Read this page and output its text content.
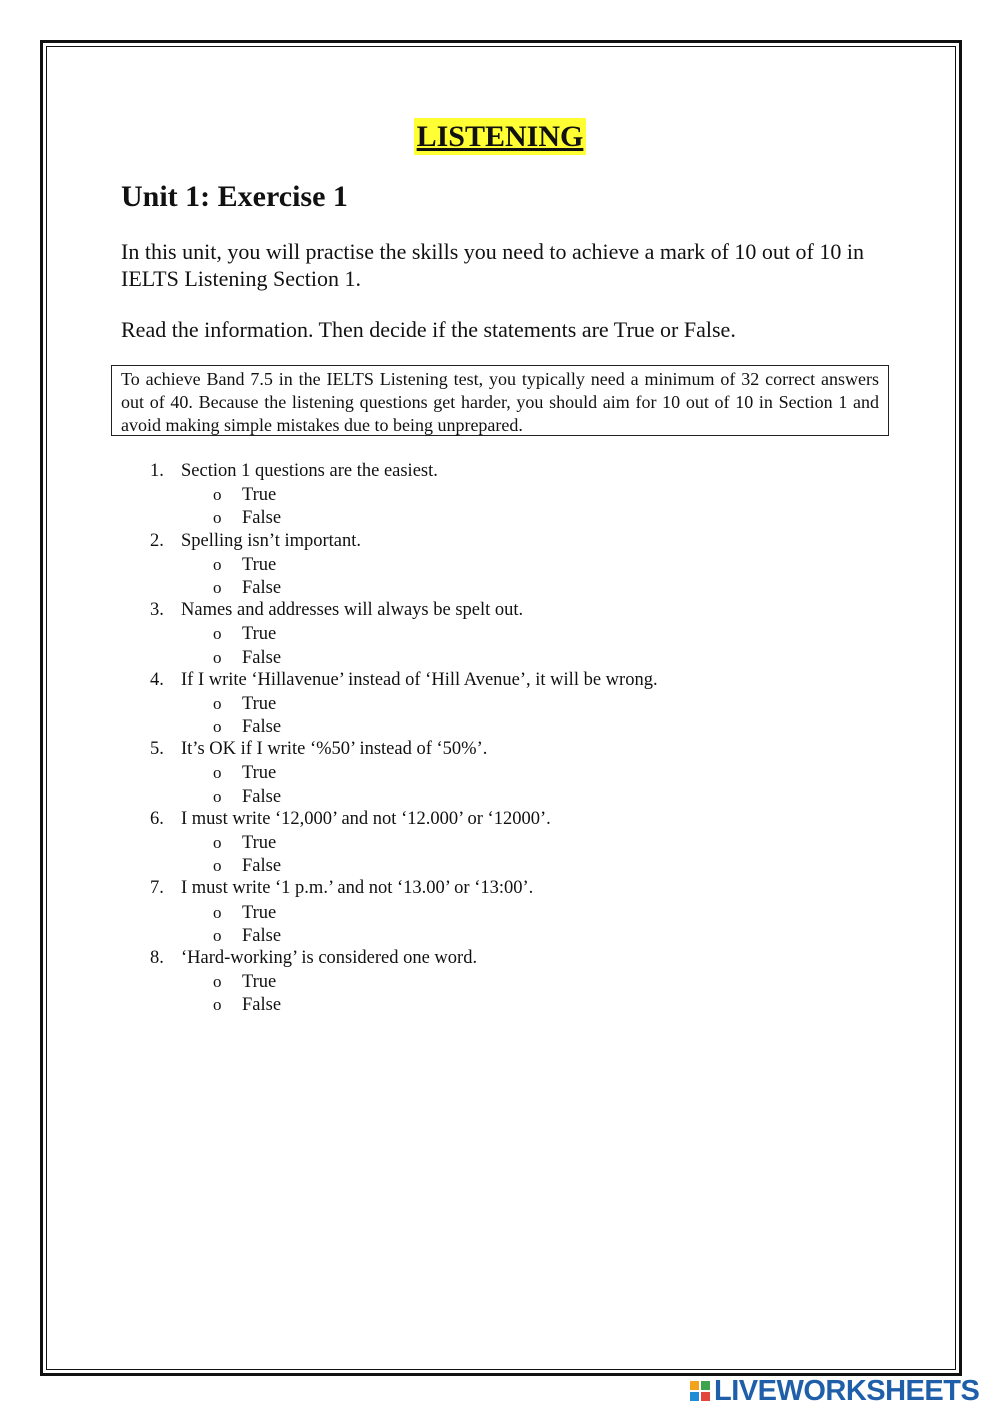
LISTENING
Unit 1: Exercise 1
In this unit, you will practise the skills you need to achieve a mark of 10 out of 10 in IELTS Listening Section 1.
Read the information. Then decide if the statements are True or False.
To achieve Band 7.5 in the IELTS Listening test, you typically need a minimum of 32 correct answers out of 40. Because the listening questions get harder, you should aim for 10 out of 10 in Section 1 and avoid making simple mistakes due to being unprepared.
1. Section 1 questions are the easiest.
o True
o False
2. Spelling isn’t important.
o True
o False
3. Names and addresses will always be spelt out.
o True
o False
4. If I write ‘Hillavenue’ instead of ‘Hill Avenue’, it will be wrong.
o True
o False
5. It’s OK if I write ‘%50’ instead of ‘50%’.
o True
o False
6. I must write ‘12,000’ and not ‘12.000’ or ‘12000’.
o True
o False
7. I must write ‘1 p.m.’ and not ‘13.00’ or ‘13:00’.
o True
o False
8. ‘Hard-working’ is considered one word.
o True
o False
LIVEWORKSHEETS
